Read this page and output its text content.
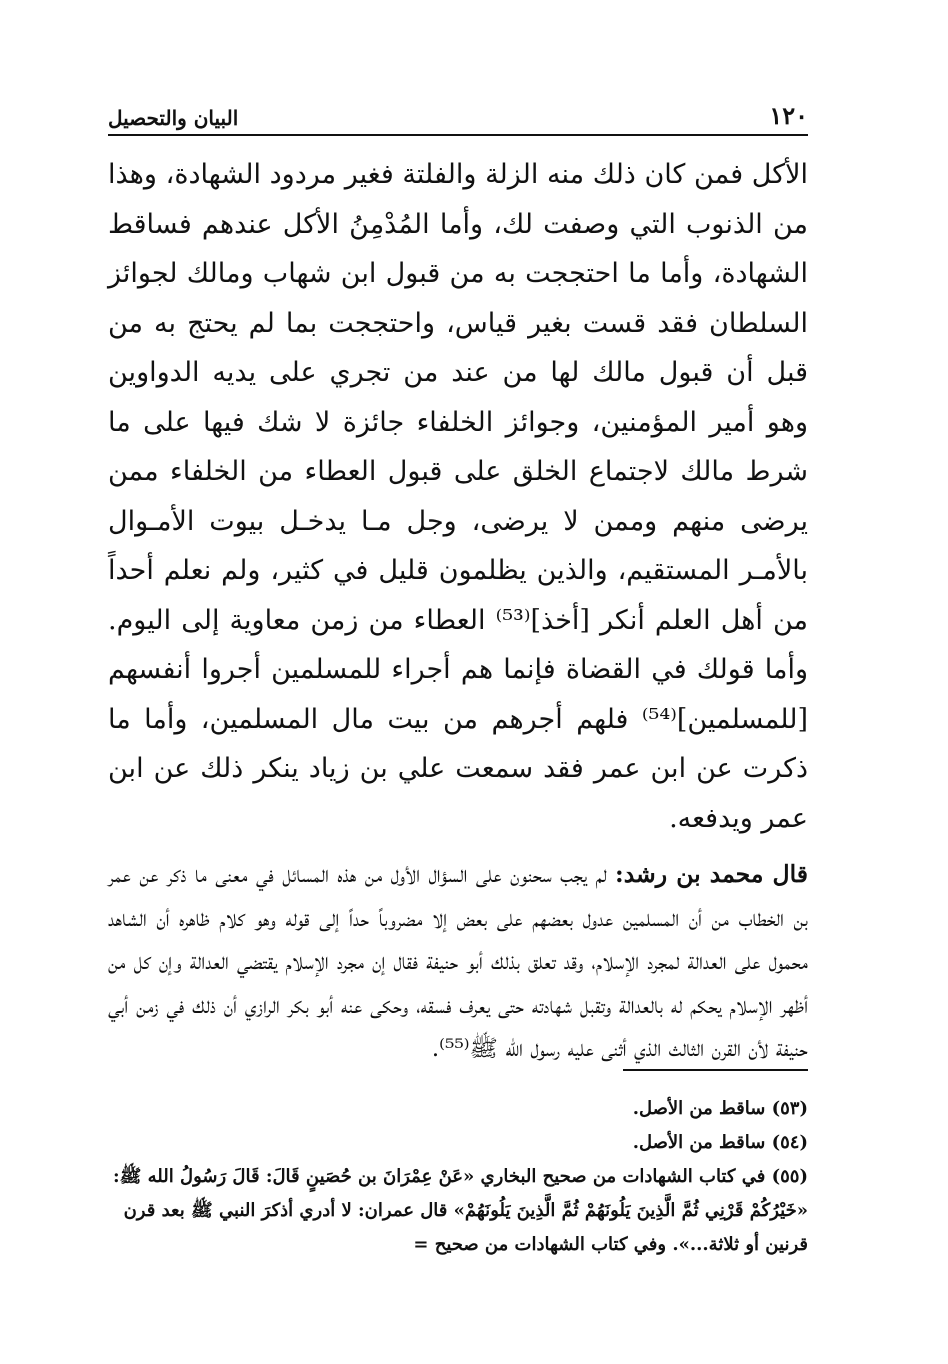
١٢٠
البيان والتحصيل

الأكل فمن كان ذلك منه الزلة والفلتة فغير مردود الشهادة، وهذا من الذنوب التي وصفت لك، وأما المُدْمِنُ الأكل عندهم فساقط الشهادة، وأما ما احتججت به من قبول ابن شهاب ومالك لجوائز السلطان فقد قست بغير قياس، واحتججت بما لم يحتج به من قبل أن قبول مالك لها من عند من تجري على يديه الدواوين وهو أمير المؤمنين، وجوائز الخلفاء جائزة لا شك فيها على ما شرط مالك لاجتماع الخلق على قبول العطاء من الخلفاء ممن يرضى منهم وممن لا يرضى، وجل مـا يدخـل بيوت الأمـوال بالأمـر المستقيم، والذين يظلمون قليل في كثير، ولم نعلم أحداً من أهل العلم أنكر [أخذ]⁽⁵³⁾ العطاء من زمن معاوية إلى اليوم. وأما قولك في القضاة فإنما هم أجراء للمسلمين أجروا أنفسهم [للمسلمين]⁽⁵⁴⁾ فلهم أجرهم من بيت مال المسلمين، وأما ما ذكرت عن ابن عمر فقد سمعت علي بن زياد ينكر ذلك عن ابن عمر ويدفعه.

قال محمد بن رشد: لم يجب سحنون على السؤال الأول من هذه المسائل في معنى ما ذكر عن عمر بن الخطاب من أن المسلمين عدول بعضهم على بعض إلا مضروباً حداً إلى قوله وهو كلام ظاهره أن الشاهد محمول على العدالة لمجرد الإسلام، وقد تعلق بذلك أبو حنيفة فقال إن مجرد الإسلام يقتضي العدالة وإن كل من أظهر الإسلام يحكم له بالعدالة وتقبل شهادته حتى يعرف فسقه، وحكى عنه أبو بكر الرازي أن ذلك في زمن أبي حنيفة لأن القرن الثالث الذي أثنى عليه رسول الله ﷺ⁽⁵⁵⁾.

(٥٣) ساقط من الأصل.

(٥٤) ساقط من الأصل.

(٥٥) في كتاب الشهادات من صحيح البخاري «عَنْ عِمْرَانَ بن حُصَينٍ قَالَ: قَالَ رَسُولُ الله ﷺ: «خَيْرُكُمْ قَرْنِي ثُمَّ الَّذِينَ يَلُونَهُمْ ثُمَّ الَّذِينَ يَلُونَهُمْ» قال عمران: لا أدري أذكرَ النبي ﷺ بعد قرن قرنين أو ثلاثة...». وفي كتاب الشهادات من صحيح =
